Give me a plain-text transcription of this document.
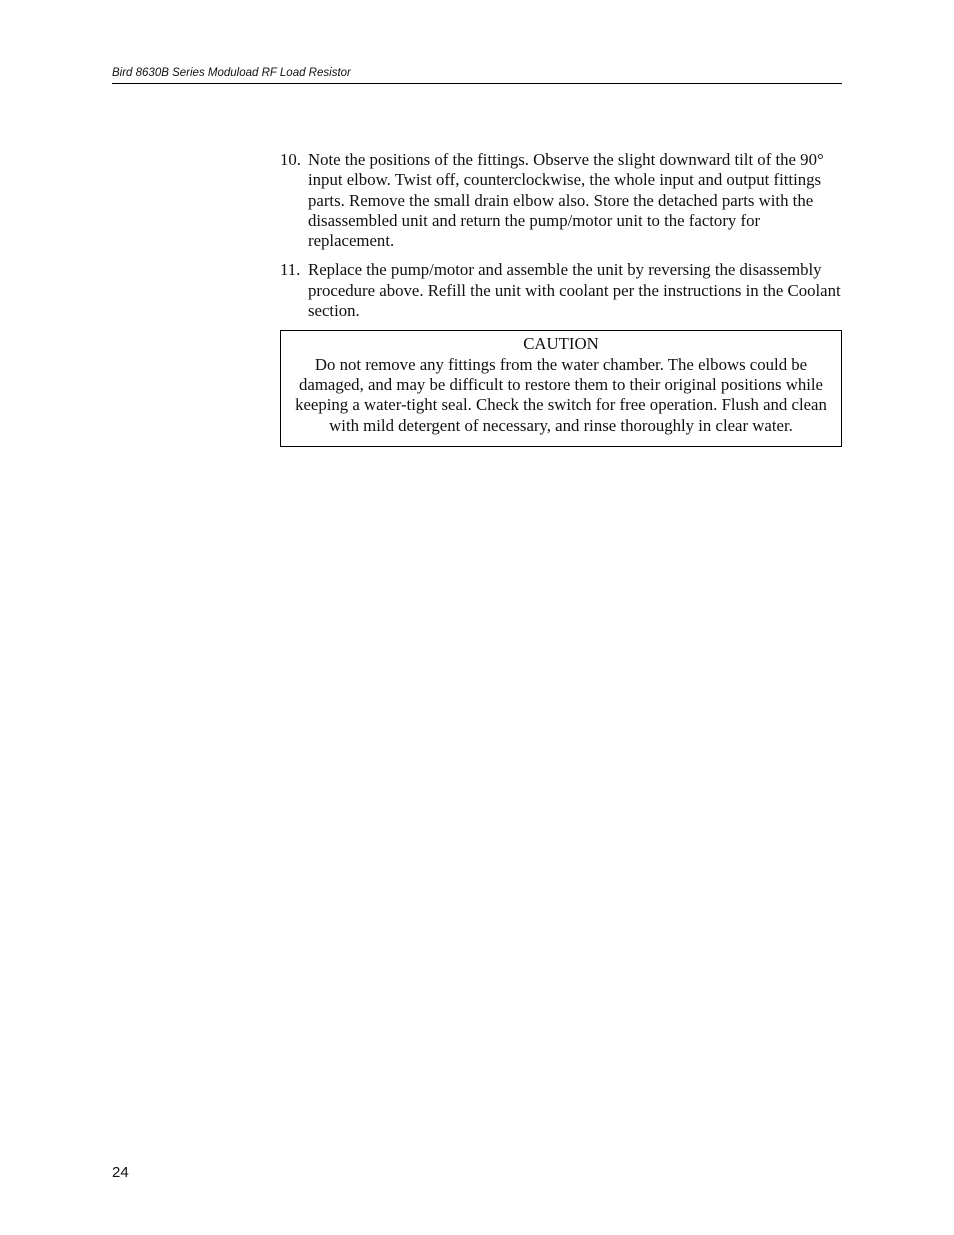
Bird 8630B Series Moduload RF Load Resistor
10. Note the positions of the fittings. Observe the slight downward tilt of the 90° input elbow. Twist off, counterclockwise, the whole input and output fittings parts. Remove the small drain elbow also. Store the detached parts with the disassembled unit and return the pump/motor unit to the factory for replacement.
11. Replace the pump/motor and assemble the unit by reversing the disassembly procedure above. Refill the unit with coolant per the instructions in the Coolant section.
CAUTION
Do not remove any fittings from the water chamber. The elbows could be damaged, and may be difficult to restore them to their original positions while keeping a water-tight seal. Check the switch for free operation. Flush and clean with mild detergent of necessary, and rinse thoroughly in clear water.
24
